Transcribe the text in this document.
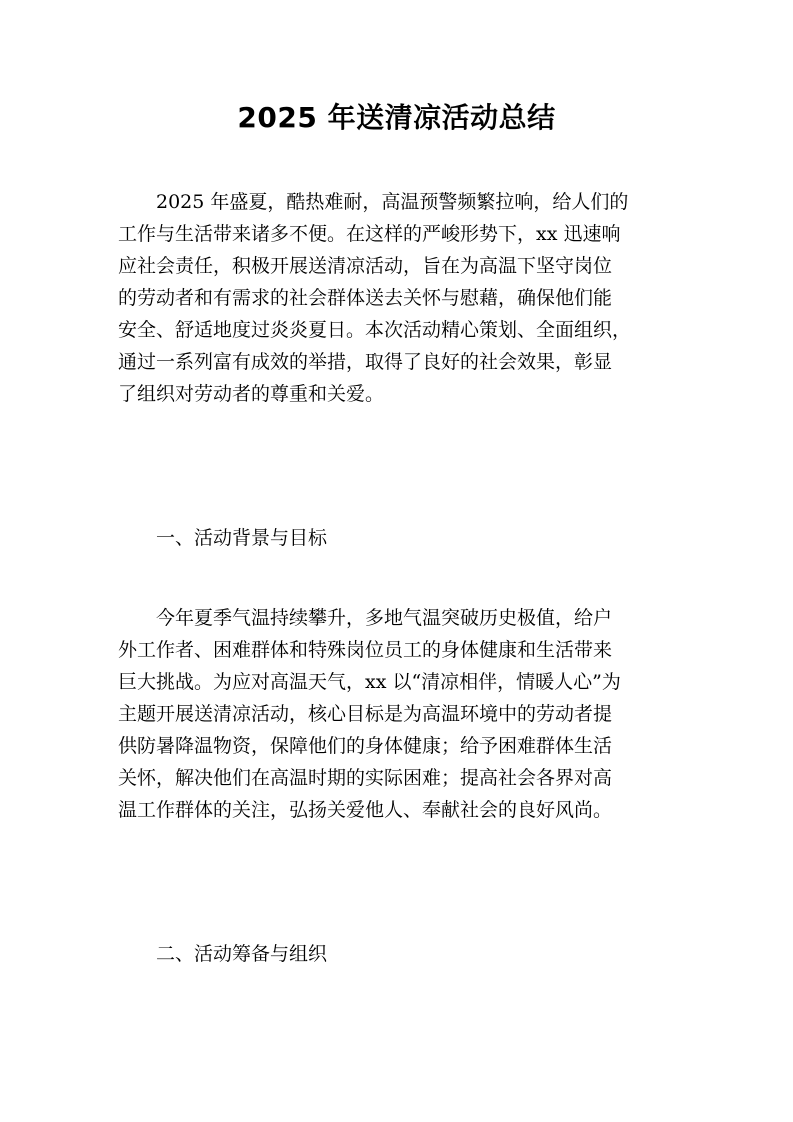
2025 年送清凉活动总结
2025 年盛夏，酷热难耐，高温预警频繁拉响，给人们的
工作与生活带来诸多不便。在这样的严峻形势下，xx 迅速响
应社会责任，积极开展送清凉活动，旨在为高温下坚守岗位
的劳动者和有需求的社会群体送去关怀与慰藉，确保他们能
安全、舒适地度过炎炎夏日。本次活动精心策划、全面组织，
通过一系列富有成效的举措，取得了良好的社会效果，彰显
了组织对劳动者的尊重和关爱。
一、活动背景与目标
今年夏季气温持续攀升，多地气温突破历史极值，给户
外工作者、困难群体和特殊岗位员工的身体健康和生活带来
巨大挑战。为应对高温天气，xx 以“清凉相伴，情暖人心”为
主题开展送清凉活动，核心目标是为高温环境中的劳动者提
供防暑降温物资，保障他们的身体健康；给予困难群体生活
关怀，解决他们在高温时期的实际困难；提高社会各界对高
温工作群体的关注，弘扬关爱他人、奉献社会的良好风尚。
二、活动筹备与组织
